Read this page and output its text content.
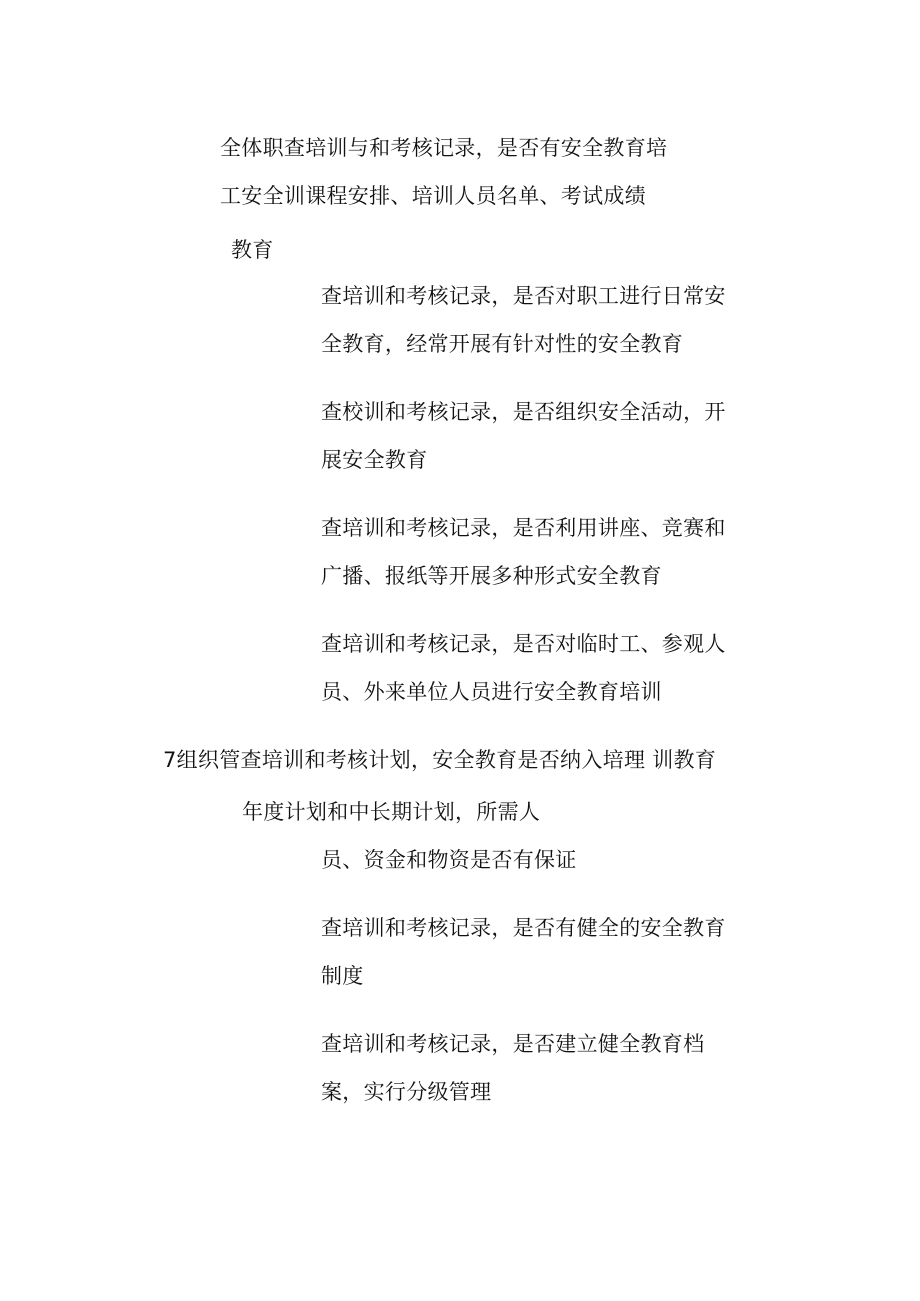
全体职查培训与和考核记录，是否有安全教育培
工安全训课程安排、培训人员名单、考试成绩
教育
查培训和考核记录，是否对职工进行日常安
全教育，经常开展有针对性的安全教育
查校训和考核记录，是否组织安全活动，开
展安全教育
查培训和考核记录，是否利用讲座、竞赛和
广播、报纸等开展多种形式安全教育
查培训和考核记录，是否对临时工、参观人
员、外来单位人员进行安全教育培训
7组织管查培训和考核计划，安全教育是否纳入培理 训教育
年度计划和中长期计划，所需人
员、资金和物资是否有保证
查培训和考核记录，是否有健全的安全教育
制度
查培训和考核记录，是否建立健全教育档
案，实行分级管理
